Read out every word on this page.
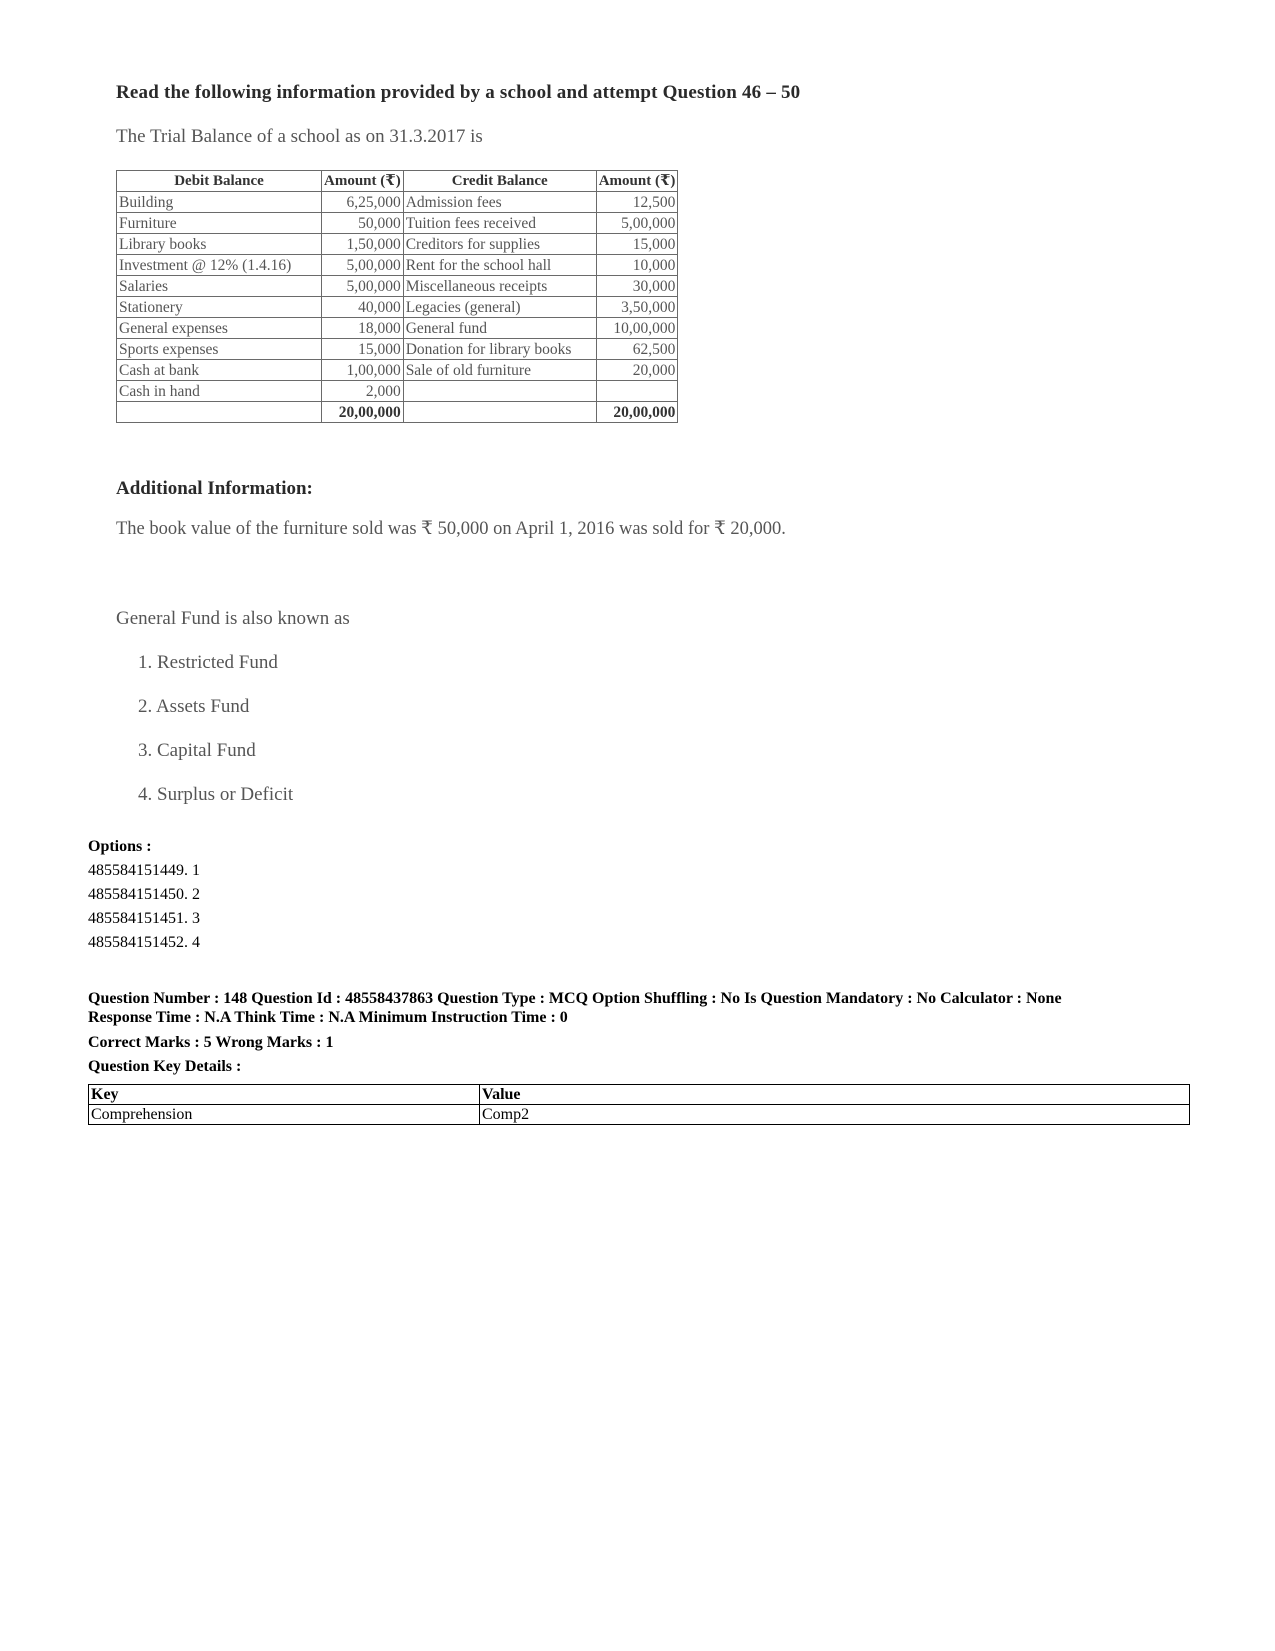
Read the following information provided by a school and attempt Question 46 – 50
The Trial Balance of a school as on 31.3.2017 is
Debit Balance	Amount (₹)	Credit Balance	Amount (₹)
Building	6,25,000	Admission fees	12,500
Furniture	50,000	Tuition fees received	5,00,000
Library books	1,50,000	Creditors for supplies	15,000
Investment @ 12% (1.4.16)	5,00,000	Rent for the school hall	10,000
Salaries	5,00,000	Miscellaneous receipts	30,000
Stationery	40,000	Legacies (general)	3,50,000
General expenses	18,000	General fund	10,00,000
Sports expenses	15,000	Donation for library books	62,500
Cash at bank	1,00,000	Sale of old furniture	20,000
Cash in hand	2,000		
	20,00,000		20,00,000
Additional Information:
The book value of the furniture sold was ₹ 50,000 on April 1, 2016 was sold for ₹ 20,000.
General Fund is also known as
1. Restricted Fund
2. Assets Fund
3. Capital Fund
4. Surplus or Deficit
Options :
485584151449. 1
485584151450. 2
485584151451. 3
485584151452. 4
Question Number : 148 Question Id : 48558437863 Question Type : MCQ Option Shuffling : No Is Question Mandatory : No Calculator : None
Response Time : N.A Think Time : N.A Minimum Instruction Time : 0
Correct Marks : 5 Wrong Marks : 1
Question Key Details :
Key	Value
Comprehension	Comp2
